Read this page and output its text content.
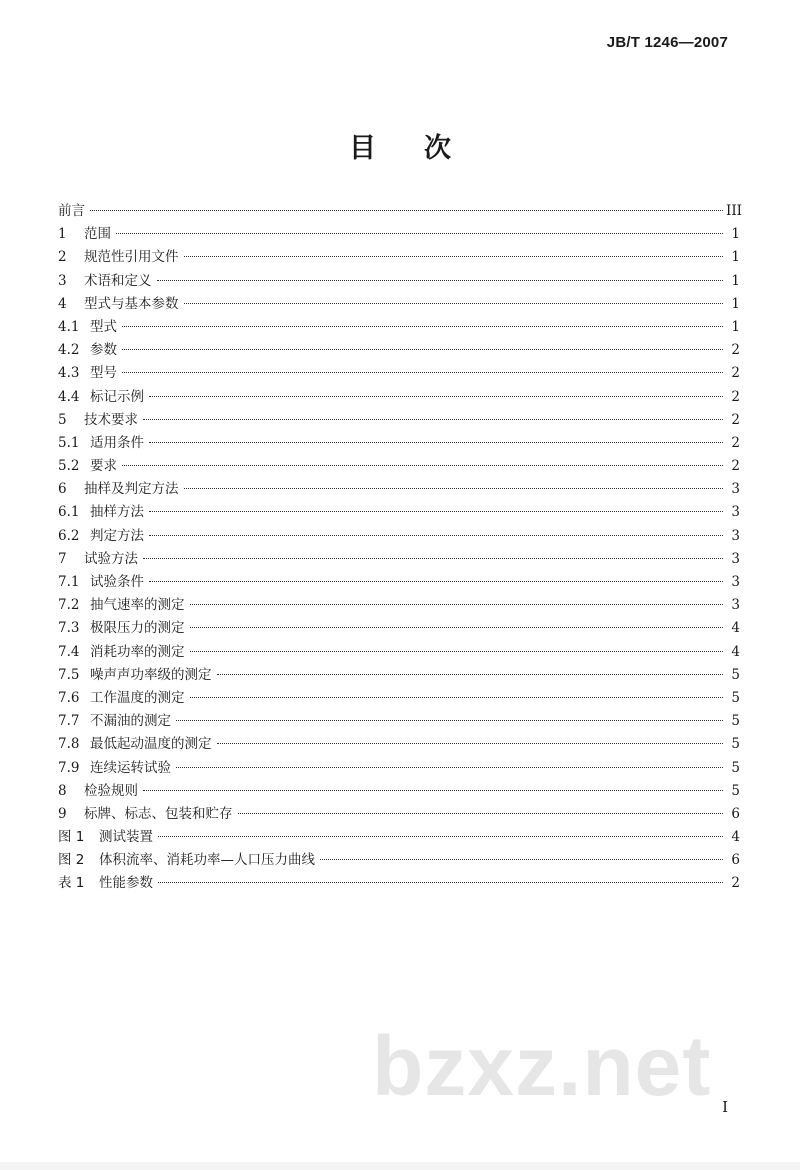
JB/T 1246—2007
目 次
前言	III
1	范围	1
2	规范性引用文件	1
3	术语和定义	1
4	型式与基本参数	1
4.1 型式	1
4.2 参数	2
4.3 型号	2
4.4 标记示例	2
5	技术要求	2
5.1 适用条件	2
5.2 要求	2
6	抽样及判定方法	3
6.1 抽样方法	3
6.2 判定方法	3
7	试验方法	3
7.1 试验条件	3
7.2 抽气速率的测定	3
7.3 极限压力的测定	4
7.4 消耗功率的测定	4
7.5 噪声声功率级的测定	5
7.6 工作温度的测定	5
7.7 不漏油的测定	5
7.8 最低起动温度的测定	5
7.9 连续运转试验	5
8	检验规则	5
9	标牌、标志、包装和贮存	6
图 1	测试装置	4
图 2	体积流率、消耗功率—人口压力曲线	6
表 1	性能参数	2
bzxz.net I
